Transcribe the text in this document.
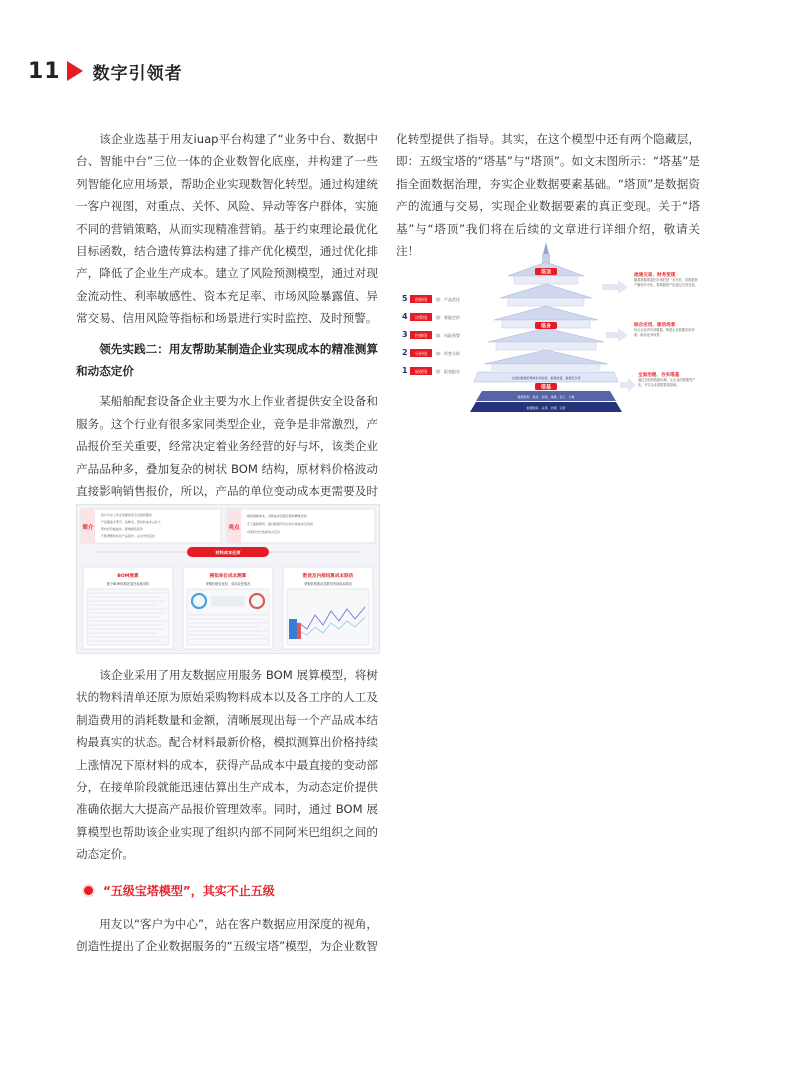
11 数字引领者

该企业选基于用友iuap平台构建了“业务中台、数据中台、智能中台”三位一体的企业数智化底座，并构建了一些列智能化应用场景，帮助企业实现数智化转型。通过构建统一客户视图，对重点、关怀、风险、异动等客户群体，实施不同的营销策略，从而实现精准营销。基于约束理论最优化目标函数，结合遗传算法构建了排产优化模型，通过优化排产，降低了企业生产成本。建立了风险预测模型，通过对现金流动性、利率敏感性、资本充足率、市场风险暴露值、异常交易、信用风险等指标和场景进行实时监控、及时预警。

领先实践二：用友帮助某制造企业实现成本的精准测算和动态定价

某船舶配套设备企业主要为水上作业者提供安全设备和服务。这个行业有很多家同类型企业，竞争是非常激烈，产品报价至关重要，经常决定着业务经营的好与坏，该类企业产品品种多，叠加复杂的树状 BOM 结构，原材料价格波动直接影响销售报价，所以，产品的单位变动成本更需要及时

简介
· 客户为水上作业者提供安全设备和服务
· 产品覆盖多型号，品种多，原材料成本占比大
· 原材料价格波动，影响销售报价
· 不断调整和优化产品报价，应对市场变化
亮点
· 模拟测算成本，采购成本直观呈现和精准把控
· 手工推算费用，通过数据平台自动计算成本及利润
· 内部阿米巴结算动态定价
材料成本还原
BOM展算
基于BOM结构还原至标准用料
模拟单位成本测算
采购价格变化时，成本变化情况
数货及内部结算成本联动
采购价格波动及数货内部成本联动

该企业采用了用友数据应用服务 BOM 展算模型，将树状的物料清单还原为原始采购物料成本以及各工序的人工及制造费用的消耗数量和金额，清晰展现出每一个产品成本结构最真实的状态。配合材料最新价格，模拟测算出价格持续上涨情况下原材料的成本，获得产品成本中最直接的变动部分，在接单阶段就能迅速估算出生产成本，为动态定价提供准确依据大大提高产品报价管理效率。同时，通过 BOM 展算模型也帮助该企业实现了组织内部不同阿米巴组织之间的动态定价。

“五级宝塔模型”，其实不止五级

用友以“客户为中心”，站在客户数据应用深度的视角，创造性提出了企业数据服务的“五级宝塔”模型，为企业数智

化转型提供了指导。其实，在这个模型中还有两个隐藏层，即：五级宝塔的“塔基”与“塔顶”。如文末图所示：“塔基”是指全面数据治理，夯实企业数据要素基础。“塔顶”是数据资产的流通与交易，实现企业数据要素的真正变现。关于“塔基”与“塔顶”我们将在后续的文章进行详细介绍，敬请关注！

塔顶
塔身
全面的数据治理体系和标准，数据质量，数据安全等
塔基
数据架构、集成、存储、建模、加工、计算
数据服务、应用、治理、运营
5 创新级 如：产品优化
4 决策级 如：智能定价
3 控制级 如：风险预警
2 分析级 如：经营分析
1 展现级 如：报表报告
流通交易、财务变现
随着数据要素化市场的进一步开放，将数据资产确权并评估，将数据资产化通过交易变现。
综合应用、驱动场景
综合企业内外部数据，构建企业数据应用体系，驱动业务场景。
全面治理、夯实塔基
通过全面的数据治理，让企业的数据资产化，夯实企业数据要素基础。
